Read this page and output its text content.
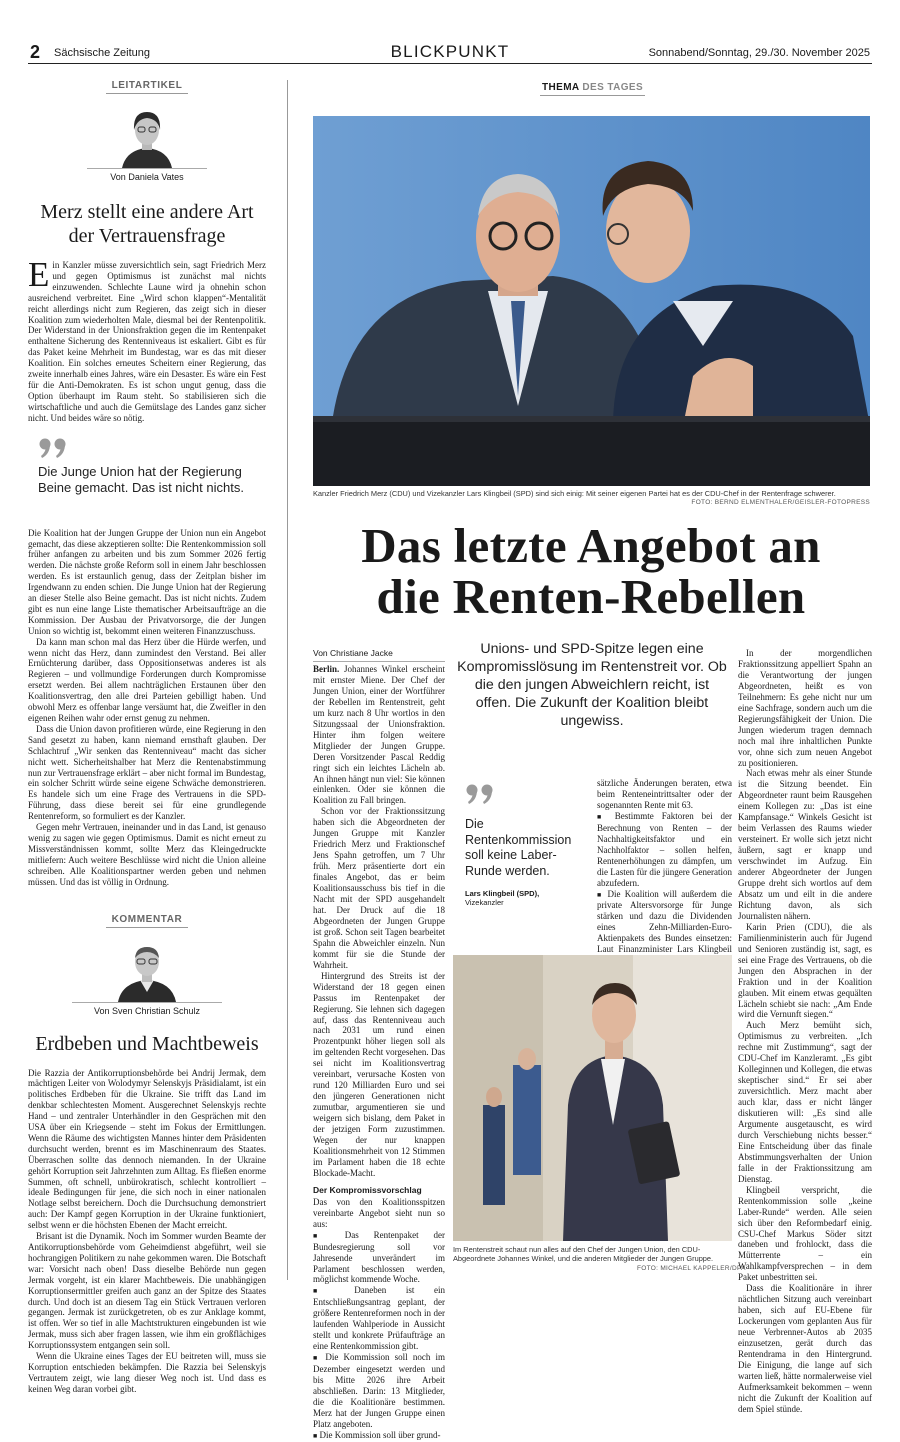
2 Sächsische Zeitung	BLICKPUNKT	Sonnabend/Sonntag, 29./30. November 2025
LEITARTIKEL
Von Daniela Vates
Merz stellt eine andere Art der Vertrauensfrage

Ein Kanzler müsse zuversichtlich sein, sagt Friedrich Merz und gegen Optimismus ist zunächst mal nichts einzuwenden. Schlechte Laune wird ja ohnehin schon ausreichend verbreitet. Eine „Wird schon klappen“-Mentalität reicht allerdings nicht zum Regieren, das zeigt sich in dieser Koalition zum wiederholten Male, diesmal bei der Rentenpolitik. Der Widerstand in der Unionsfraktion gegen die im Rentenpaket enthaltene Sicherung des Rentenniveaus ist eskaliert. Gibt es für das Paket keine Mehrheit im Bundestag, war es das mit dieser Koalition. Ein solches erneutes Scheitern einer Regierung, das zweite innerhalb eines Jahres, wäre ein Desaster. Es wäre ein Fest für die Anti-Demokraten. Es ist schon ungut genug, dass die Option überhaupt im Raum steht. So stabilisieren sich die wirtschaftliche und auch die Gemütslage des Landes ganz sicher nicht. Und beides wäre so nötig.

Die Junge Union hat der Regierung Beine gemacht. Das ist nicht nichts.

Die Koalition hat der Jungen Gruppe der Union nun ein Angebot gemacht, das diese akzeptieren sollte: Die Rentenkommission soll früher anfangen zu arbeiten und bis zum Sommer 2026 fertig werden. Die nächste große Reform soll in einem Jahr beschlossen werden. Es ist erstaunlich genug, dass der Zeitplan bisher im Irgendwann zu enden schien. Die Junge Union hat der Regierung an dieser Stelle also Beine gemacht. Das ist nicht nichts. Zudem gibt es nun eine lange Liste thematischer Arbeitsaufträge an die Kommission. Der Ausbau der Privatvorsorge, die der Jungen Union so wichtig ist, bekommt einen weiteren Finanzzuschuss.

Da kann man schon mal das Herz über die Hürde werfen, und wenn nicht das Herz, dann zumindest den Verstand. Bei aller Ernüchterung darüber, dass Oppositionsetwas anderes ist als Regieren – und vollmundige Forderungen durch Kompromisse ersetzt werden. Bei allem nachträglichen Erstaunen über den Koalitionsvertrag, den alle drei Parteien gebilligt haben. Und obwohl Merz es offenbar lange versäumt hat, die Zweifler in den eigenen Reihen wahr oder ernst genug zu nehmen.

Dass die Union davon profitieren würde, eine Regierung in den Sand gesetzt zu haben, kann niemand ernsthaft glauben. Der Schlachtruf „Wir senken das Rentenniveau“ macht das sicher nicht wett. Sicherheitshalber hat Merz die Rentenabstimmung nun zur Vertrauensfrage erklärt – aber nicht formal im Bundestag, ein solcher Schritt würde seine eigene Schwäche demonstrieren. Es handele sich um eine Frage des Vertrauens in die SPD-Führung, dass diese bereit sei für eine grundlegende Rentenreform, so formuliert es der Kanzler.

Gegen mehr Vertrauen, ineinander und in das Land, ist genauso wenig zu sagen wie gegen Optimismus. Damit es nicht erneut zu Missverständnissen kommt, sollte Merz das Kleingedruckte mitliefern: Auch weitere Beschlüsse wird nicht die Union alleine schreiben. Alle Koalitionspartner werden geben und nehmen müssen. Und das ist völlig in Ordnung.

KOMMENTAR
Von Sven Christian Schulz
Erdbeben und Machtbeweis

Die Razzia der Antikorruptionsbehörde bei Andrij Jermak, dem mächtigen Leiter von Wolodymyr Selenskyjs Präsidialamt, ist ein politisches Erdbeben für die Ukraine. Sie trifft das Land im denkbar schlechtesten Moment. Ausgerechnet Selenskyjs rechte Hand – und zentraler Unterhändler in den Gesprächen mit den USA über ein Kriegsende – steht im Fokus der Ermittlungen. Wenn die Räume des wichtigsten Mannes hinter dem Präsidenten durchsucht werden, brennt es im Maschinenraum des Staates. Überraschen sollte das dennoch niemanden. In der Ukraine gehört Korruption seit Jahrzehnten zum Alltag. Es fließen enorme Summen, oft schnell, unbürokratisch, schlecht kontrolliert – ideale Bedingungen für jene, die sich noch in einer nationalen Notlage selbst bereichern. Doch die Durchsuchung demonstriert auch: Der Kampf gegen Korruption in der Ukraine funktioniert, selbst wenn er die höchsten Ebenen der Macht erreicht.

Brisant ist die Dynamik. Noch im Sommer wurden Beamte der Antikorruptionsbehörde vom Geheimdienst abgeführt, weil sie hochrangigen Politikern zu nahe gekommen waren. Die Botschaft war: Vorsicht nach oben! Dass dieselbe Behörde nun gegen Jermak vorgeht, ist ein klarer Machtbeweis. Die unabhängigen Korruptionsermittler greifen auch ganz an der Spitze des Staates durch. Und doch ist an diesem Tag ein Stück Vertrauen verloren gegangen. Jermak ist zurückgetreten, ob es zur Anklage kommt, ist offen. Wer so tief in alle Machtstrukturen eingebunden ist wie Jermak, muss sich aber fragen lassen, wie ihm ein großflächiges Korruptionssystem entgangen sein soll.

Wenn die Ukraine eines Tages der EU beitreten will, muss sie Korruption entschieden bekämpfen. Die Razzia bei Selenskyjs Vertrautem zeigt, wie lang dieser Weg noch ist. Und dass es keinen Weg daran vorbei gibt.

THEMA DES TAGES
Kanzler Friedrich Merz (CDU) und Vizekanzler Lars Klingbeil (SPD) sind sich einig: Mit seiner eigenen Partei hat es der CDU-Chef in der Rentenfrage schwerer.
FOTO: BERND ELMENTHALER/GEISLER-FOTOPRESS
Das letzte Angebot an
die Renten-Rebellen
Von Christiane Jacke	Unions- und SPD-Spitze legen eine Kompromisslösung im Rentenstreit vor. Ob die den jungen Abweichlern reicht, ist offen. Die Zukunft der Koalition bleibt ungewiss.

Berlin. Johannes Winkel erscheint mit ernster Miene. Der Chef der Jungen Union, einer der Wortführer der Rebellen im Rentenstreit, geht um kurz nach 8 Uhr wortlos in den Sitzungssaal der Unionsfraktion. Hinter ihm folgen weitere Mitglieder der Jungen Gruppe. Deren Vorsitzender Pascal Reddig ringt sich ein leichtes Lächeln ab. An ihnen hängt nun viel: Sie können einlenken. Oder sie können die Koalition zu Fall bringen.

Schon vor der Fraktionssitzung haben sich die Abgeordneten der Jungen Gruppe mit Kanzler Friedrich Merz und Fraktionschef Jens Spahn getroffen, um 7 Uhr früh. Merz präsentierte dort ein finales Angebot, das er beim Koalitionsausschuss bis tief in die Nacht mit der SPD ausgehandelt hat. Der Druck auf die 18 Abgeordneten der Jungen Gruppe ist groß. Schon seit Tagen bearbeitet Spahn die Abweichler einzeln. Nun kommt für sie die Stunde der Wahrheit.

Hintergrund des Streits ist der Widerstand der 18 gegen einen Passus im Rentenpaket der Regierung. Sie lehnen sich dagegen auf, dass das Rentenniveau auch nach 2031 um rund einen Prozentpunkt höher liegen soll als im geltenden Recht vorgesehen. Das sei nicht im Koalitionsvertrag vereinbart, verursache Kosten von rund 120 Milliarden Euro und sei den jüngeren Generationen nicht zumutbar, argumentieren sie und weigern sich bislang, dem Paket in der jetzigen Form zuzustimmen. Wegen der nur knappen Koalitionsmehrheit von 12 Stimmen im Parlament haben die 18 echte Blockade-Macht.

Der Kompromissvorschlag

Das von den Koalitionsspitzen vereinbarte Angebot sieht nun so aus:

■ Das Rentenpaket der Bundesregierung soll vor Jahresende unverändert im Parlament beschlossen werden, möglichst kommende Woche.

■ Daneben ist ein Entschließungsantrag geplant, der größere Rentenreformen noch in der laufenden Wahlperiode in Aussicht stellt und konkrete Prüfaufträge an eine Rentenkommission gibt.

■ Die Kommission soll noch im Dezember eingesetzt werden und bis Mitte 2026 ihre Arbeit abschließen. Darin: 13 Mitglieder, die die Koalitionäre bestimmen. Merz hat der Jungen Gruppe einen Platz angeboten.

■ Die Kommission soll über grund-

Die Rentenkommission soll keine Laber-Runde werden.
Lars Klingbeil (SPD),
Vizekanzler

sätzliche Änderungen beraten, etwa beim Renteneintrittsalter oder der sogenannten Rente mit 63.

■ Bestimmte Faktoren bei der Berechnung von Renten – der Nachhaltigkeitsfaktor und ein Nachholfaktor – sollen helfen, Rentenerhöhungen zu dämpfen, um die Lasten für die jüngere Generation abzufedern.

■ Die Koalition will außerdem die private Altersvorsorge für Junge stärken und dazu die Dividenden eines Zehn-Milliarden-Euro-Aktienpakets des Bundes einsetzen: Laut Finanzminister Lars Klingbeil

Im Rentenstreit schaut nun alles auf den Chef der Jungen Union, den CDU-Abgeordnete Johannes Winkel, und die anderen Mitglieder der Jungen Gruppe.
FOTO: MICHAEL KAPPELER/DPA

In der morgendlichen Fraktionssitzung appelliert Spahn an die Verantwortung der jungen Abgeordneten, heißt es von Teilnehmern: Es gehe nicht nur um eine Sachfrage, sondern auch um die Regierungsfähigkeit der Union. Die Jungen wiederum tragen demnach noch mal ihre inhaltlichen Punkte vor, ohne sich zum neuen Angebot zu positionieren.

Nach etwas mehr als einer Stunde ist die Sitzung beendet. Ein Abgeordneter raunt beim Rausgehen einem Kollegen zu: „Das ist eine Kampfansage.“ Winkels Gesicht ist beim Verlassen des Raums wieder versteinert. Er wolle sich jetzt nicht äußern, sagt er knapp und verschwindet im Aufzug. Ein anderer Abgeordneter der Jungen Gruppe dreht sich wortlos auf dem Absatz um und eilt in die andere Richtung davon, als sich Journalisten nähern.

Karin Prien (CDU), die als Familienministerin auch für Jugend und Senioren zuständig ist, sagt, es sei eine Frage des Vertrauens, ob die Jungen den Absprachen in der Fraktion und in der Koalition glauben. Mit einem etwas gequälten Lächeln schiebt sie nach: „Am Ende wird die Vernunft siegen.“

Auch Merz bemüht sich, Optimismus zu verbreiten. „Ich rechne mit Zustimmung“, sagt der CDU-Chef im Kanzleramt. „Es gibt Kolleginnen und Kollegen, die etwas skeptischer sind.“ Er sei aber zuversichtlich. Merz macht aber auch klar, dass er nicht länger diskutieren will: „Es sind alle Argumente ausgetauscht, es wird durch Verschiebung nichts besser.“ Eine Entscheidung über das finale Abstimmungsverhalten der Union falle in der Fraktionssitzung am Dienstag.

Klingbeil verspricht, die Rentenkommission solle „keine Laber-Runde“ werden. Alle seien sich über den Reformbedarf einig. CSU-Chef Markus Söder sitzt daneben und frohlockt, dass die Mütterrente – ein Wahlkampfversprechen – in dem Paket unbestritten sei.

Dass die Koalitionäre in ihrer nächtlichen Sitzung auch vereinbart haben, sich auf EU-Ebene für Lockerungen vom geplanten Aus für neue Verbrenner-Autos ab 2035 einzusetzen, gerät durch das Rentendrama in den Hintergrund. Die Einigung, die lange auf sich warten ließ, hätte normalerweise viel Aufmerksamkeit bekommen – wenn nicht die Zukunft der Koalition auf dem Spiel stünde.
